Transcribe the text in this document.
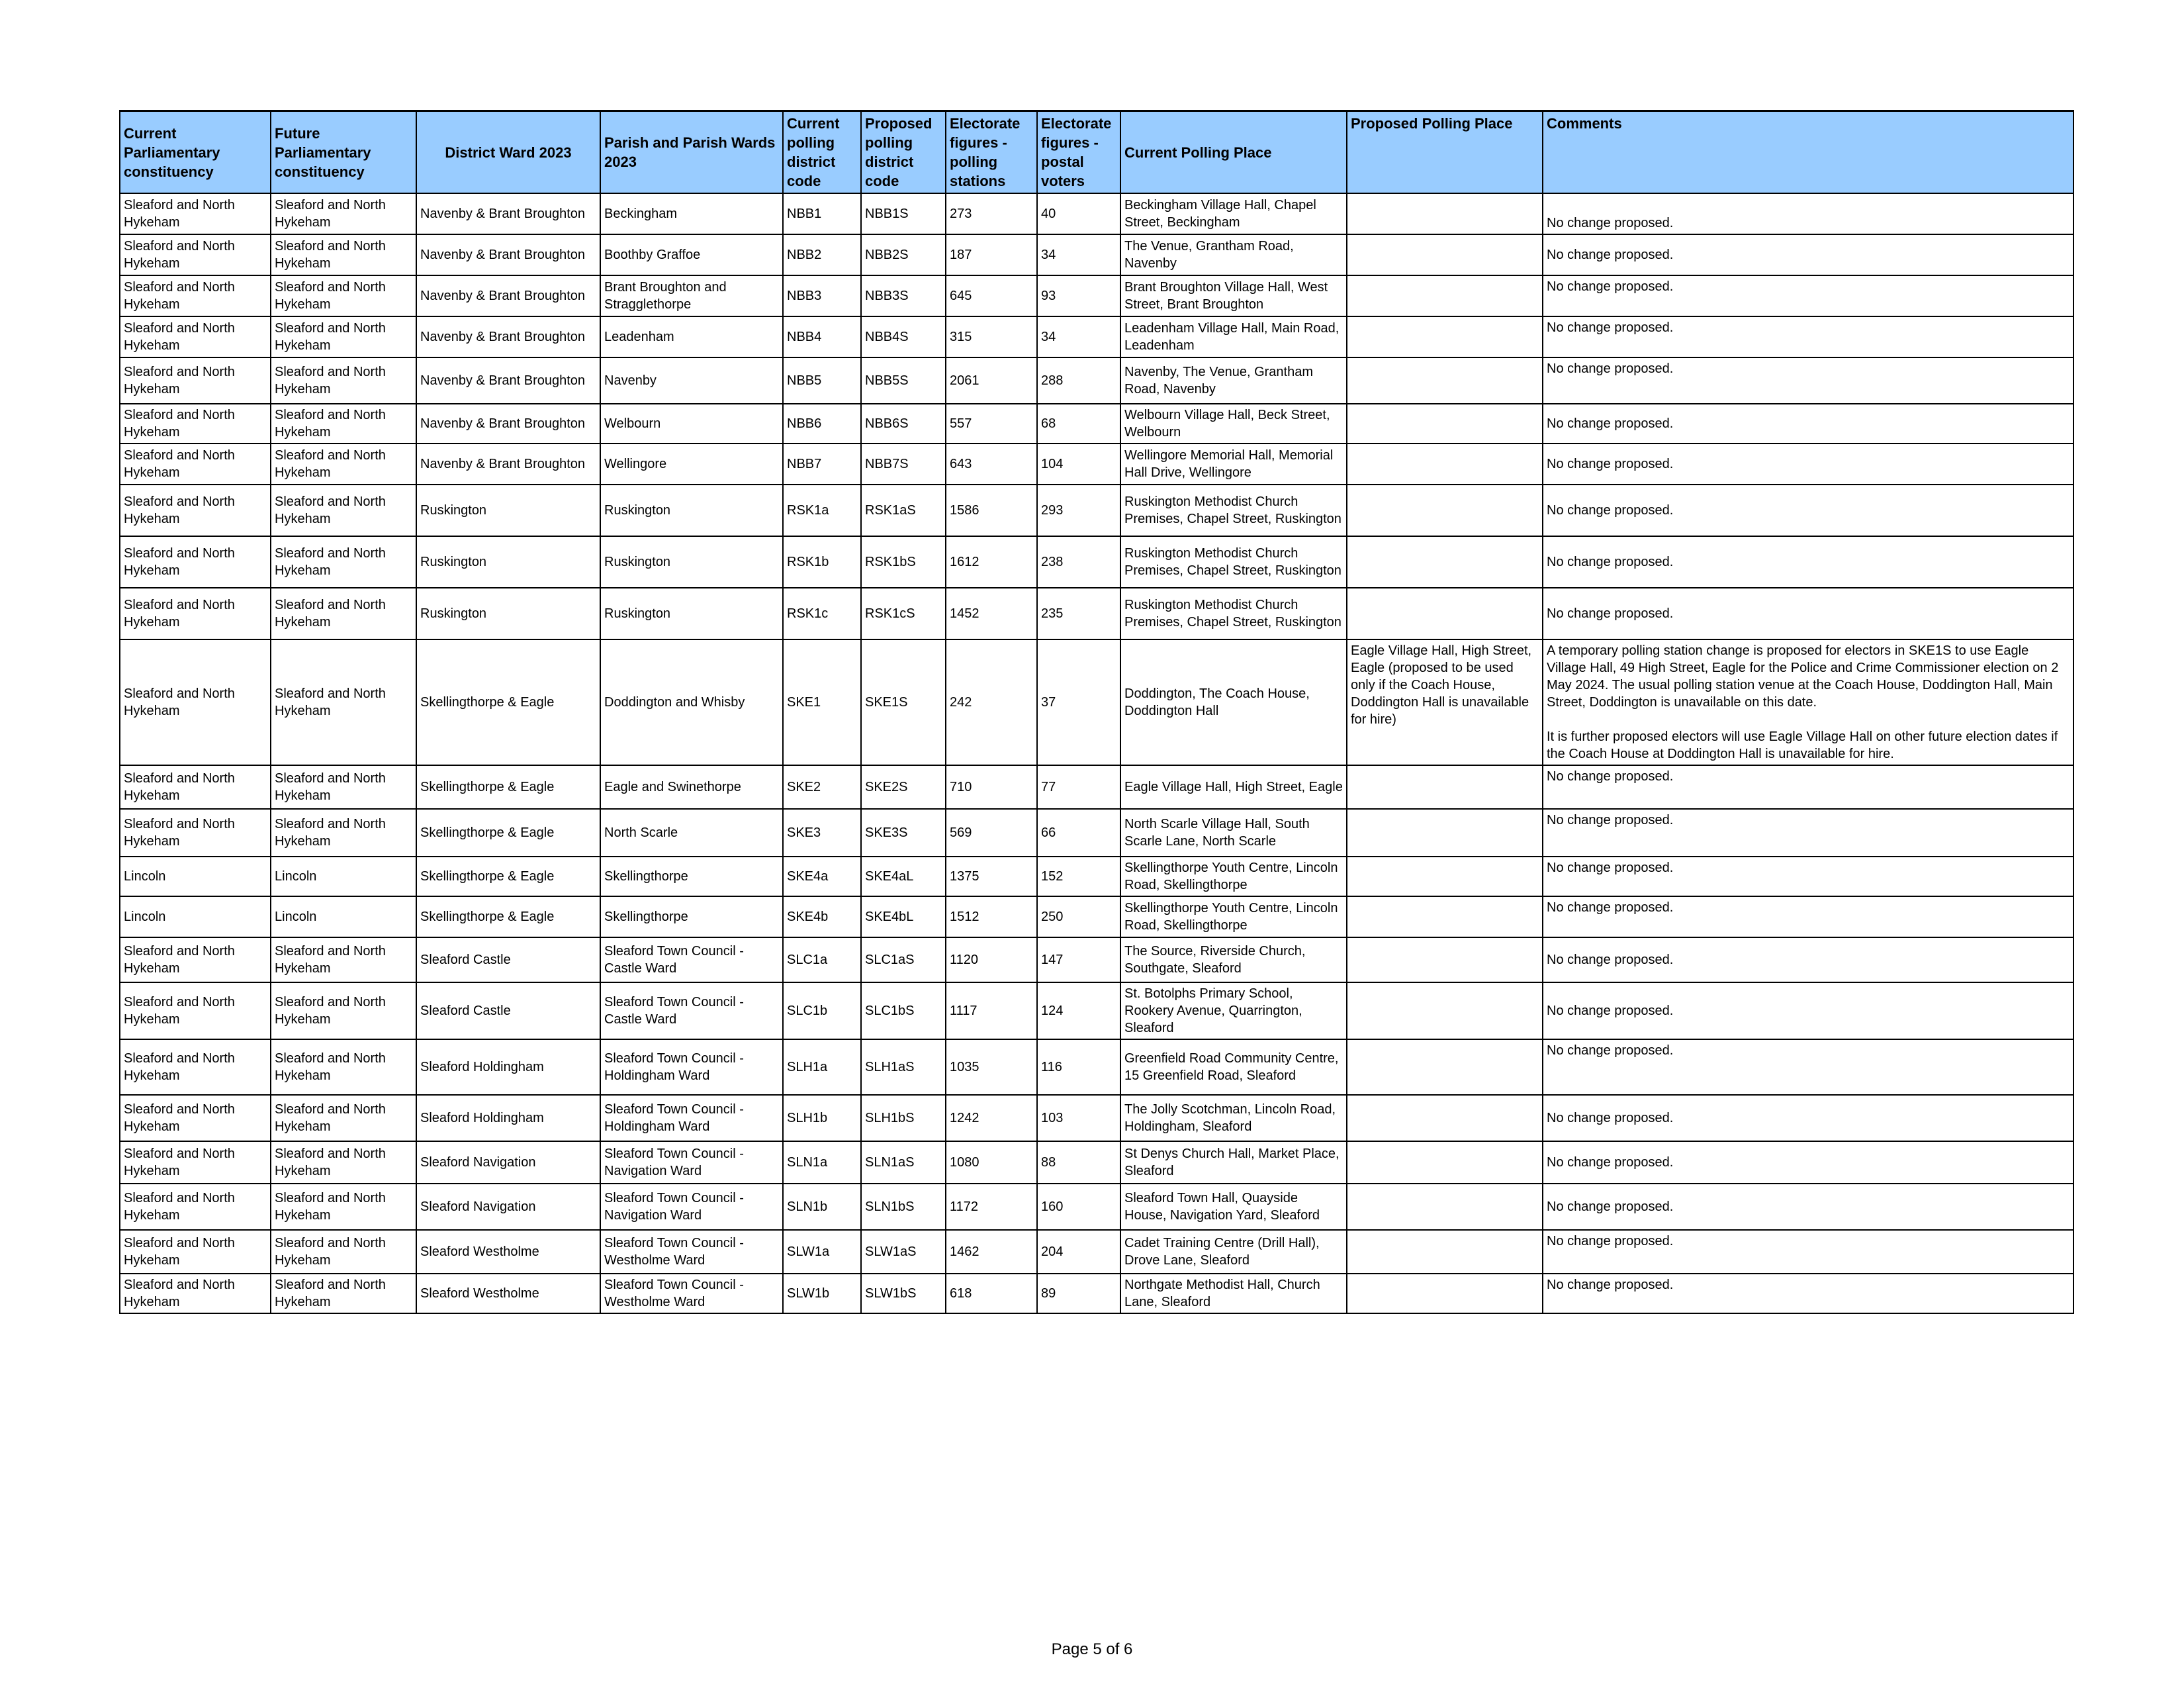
Current Parliamentary constituency	Future Parliamentary constituency	District Ward 2023	Parish and Parish Wards 2023	Current polling district code	Proposed polling district code	Electorate figures - polling stations	Electorate figures - postal voters	Current Polling Place	Proposed Polling Place	Comments
Sleaford and North Hykeham	Sleaford and North Hykeham	Navenby & Brant Broughton	Beckingham	NBB1	NBB1S	273	40	Beckingham Village Hall, Chapel Street, Beckingham		No change proposed.

Sleaford and North Hykeham	Sleaford and North Hykeham	Navenby & Brant Broughton	Boothby Graffoe	NBB2	NBB2S	187	34	The Venue, Grantham Road, Navenby		No change proposed.

Sleaford and North Hykeham	Sleaford and North Hykeham	Navenby & Brant Broughton	Brant Broughton and Stragglethorpe	NBB3	NBB3S	645	93	Brant Broughton Village Hall, West Street, Brant Broughton		No change proposed.

Sleaford and North Hykeham	Sleaford and North Hykeham	Navenby & Brant Broughton	Leadenham	NBB4	NBB4S	315	34	Leadenham Village Hall, Main Road, Leadenham		No change proposed.

Sleaford and North Hykeham	Sleaford and North Hykeham	Navenby & Brant Broughton	Navenby	NBB5	NBB5S	2061	288	Navenby, The Venue, Grantham Road, Navenby		No change proposed.

Sleaford and North Hykeham	Sleaford and North Hykeham	Navenby & Brant Broughton	Welbourn	NBB6	NBB6S	557	68	Welbourn Village Hall, Beck Street, Welbourn		No change proposed.

Sleaford and North Hykeham	Sleaford and North Hykeham	Navenby & Brant Broughton	Wellingore	NBB7	NBB7S	643	104	Wellingore Memorial Hall, Memorial Hall Drive, Wellingore		No change proposed.

Sleaford and North Hykeham	Sleaford and North Hykeham	Ruskington	Ruskington	RSK1a	RSK1aS	1586	293	Ruskington Methodist Church Premises, Chapel Street, Ruskington		No change proposed.

Sleaford and North Hykeham	Sleaford and North Hykeham	Ruskington	Ruskington	RSK1b	RSK1bS	1612	238	Ruskington Methodist Church Premises, Chapel Street, Ruskington		No change proposed.

Sleaford and North Hykeham	Sleaford and North Hykeham	Ruskington	Ruskington	RSK1c	RSK1cS	1452	235	Ruskington Methodist Church Premises, Chapel Street, Ruskington		No change proposed.

Sleaford and North Hykeham	Sleaford and North Hykeham	Skellingthorpe & Eagle	Doddington and Whisby	SKE1	SKE1S	242	37	Doddington, The Coach House, Doddington Hall	Eagle Village Hall, High Street, Eagle (proposed to be used only if the Coach House, Doddington Hall is unavailable for hire)	A temporary polling station change is proposed for electors in SKE1S to use Eagle Village Hall, 49 High Street, Eagle for the Police and Crime Commissioner election on 2 May 2024. The usual polling station venue at the Coach House, Doddington Hall, Main Street, Doddington is unavailable on this date.
It is further proposed electors will use Eagle Village Hall on other future election dates if the Coach House at Doddington Hall is unavailable for hire.

Sleaford and North Hykeham	Sleaford and North Hykeham	Skellingthorpe & Eagle	Eagle and Swinethorpe	SKE2	SKE2S	710	77	Eagle Village Hall, High Street, Eagle		No change proposed.

Sleaford and North Hykeham	Sleaford and North Hykeham	Skellingthorpe & Eagle	North Scarle	SKE3	SKE3S	569	66	North Scarle Village Hall, South Scarle Lane, North Scarle		No change proposed.

Lincoln	Lincoln	Skellingthorpe & Eagle	Skellingthorpe	SKE4a	SKE4aL	1375	152	Skellingthorpe Youth Centre, Lincoln Road, Skellingthorpe		No change proposed.

Lincoln	Lincoln	Skellingthorpe & Eagle	Skellingthorpe	SKE4b	SKE4bL	1512	250	Skellingthorpe Youth Centre, Lincoln Road, Skellingthorpe		No change proposed.

Sleaford and North Hykeham	Sleaford and North Hykeham	Sleaford Castle	Sleaford Town Council - Castle Ward	SLC1a	SLC1aS	1120	147	The Source, Riverside Church, Southgate, Sleaford		No change proposed.

Sleaford and North Hykeham	Sleaford and North Hykeham	Sleaford Castle	Sleaford Town Council - Castle Ward	SLC1b	SLC1bS	1117	124	St. Botolphs Primary School, Rookery Avenue, Quarrington, Sleaford		No change proposed.

Sleaford and North Hykeham	Sleaford and North Hykeham	Sleaford Holdingham	Sleaford Town Council - Holdingham Ward	SLH1a	SLH1aS	1035	116	Greenfield Road Community Centre, 15 Greenfield Road, Sleaford		No change proposed.

Sleaford and North Hykeham	Sleaford and North Hykeham	Sleaford Holdingham	Sleaford Town Council - Holdingham Ward	SLH1b	SLH1bS	1242	103	The Jolly Scotchman, Lincoln Road, Holdingham, Sleaford		No change proposed.

Sleaford and North Hykeham	Sleaford and North Hykeham	Sleaford Navigation	Sleaford Town Council - Navigation Ward	SLN1a	SLN1aS	1080	88	St Denys Church Hall, Market Place, Sleaford		No change proposed.

Sleaford and North Hykeham	Sleaford and North Hykeham	Sleaford Navigation	Sleaford Town Council - Navigation Ward	SLN1b	SLN1bS	1172	160	Sleaford Town Hall, Quayside House, Navigation Yard, Sleaford		No change proposed.

Sleaford and North Hykeham	Sleaford and North Hykeham	Sleaford Westholme	Sleaford Town Council - Westholme Ward	SLW1a	SLW1aS	1462	204	Cadet Training Centre (Drill Hall), Drove Lane, Sleaford		No change proposed.

Sleaford and North Hykeham	Sleaford and North Hykeham	Sleaford Westholme	Sleaford Town Council - Westholme Ward	SLW1b	SLW1bS	618	89	Northgate Methodist Hall, Church Lane, Sleaford		No change proposed.
Page 5 of 6
